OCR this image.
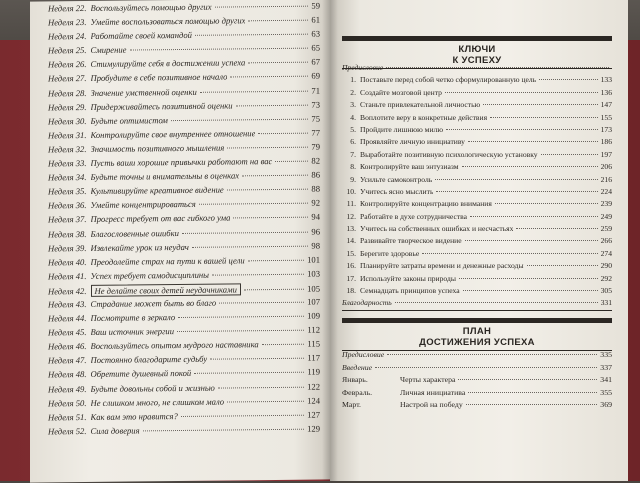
Неделя 22. Воспользуйтесь помощью других	59
Неделя 23. Умейте воспользоваться помощью других	61
Неделя 24. Работайте своей командой	63
Неделя 25. Смирение	65
Неделя 26. Стимулируйте себя в достижении успеха	67
Неделя 27. Пробудите в себе позитивное начало	69
Неделя 28. Значение умственной оценки	71
Неделя 29. Придерживайтесь позитивной оценки	73
Неделя 30. Будьте оптимистом	75
Неделя 31. Контролируйте свое внутреннее отношение	77
Неделя 32. Значимость позитивного мышления	79
Неделя 33. Пусть ваши хорошие привычки работают на вас	82
Неделя 34. Будьте точны и внимательны в оценках	86
Неделя 35. Культивируйте креативное видение	88
Неделя 36. Умейте концентрироваться	92
Неделя 37. Прогресс требует от вас гибкого ума	94
Неделя 38. Благословенные ошибки	96
Неделя 39. Извлекайте урок из неудач	98
Неделя 40. Преодолейте страх на пути к вашей цели	101
Неделя 41. Успех требует самодисциплины	103
Неделя 42. Не делайте своих детей неудачниками	105
Неделя 43. Страдание может быть во благо	107
Неделя 44. Посмотрите в зеркало	109
Неделя 45. Ваш источник энергии	112
Неделя 46. Воспользуйтесь опытом мудрого наставника	115
Неделя 47. Постоянно благодарите судьбу	117
Неделя 48. Обретите душевный покой	119
Неделя 49. Будьте довольны собой и жизнью	122
Неделя 50. Не слишком много, не слишком мало	124
Неделя 51. Как вам это нравится?	127
Неделя 52. Сила доверия	129
КЛЮЧИ
К УСПЕХУ
Предисловие
1. Поставьте перед собой четко сформулированную цель	133
2. Создайте мозговой центр	136
3. Станьте привлекательной личностью	147
4. Воплотите веру в конкретные действия	155
5. Пройдите лишнюю милю	173
6. Проявляйте личную инициативу	186
7. Выработайте позитивную психологическую установку	197
8. Контролируйте ваш энтузиазм	206
9. Усильте самоконтроль	216
10. Учитесь ясно мыслить	224
11. Контролируйте концентрацию внимания	239
12. Работайте в духе сотрудничества	249
13. Учитесь на собственных ошибках и несчастьях	259
14. Развивайте творческое видение	266
15. Берегите здоровье	274
16. Планируйте затраты времени и денежные расходы	290
17. Используйте законы природы	292
18. Семнадцать принципов успеха	305
Благодарность	331
ПЛАН
ДОСТИЖЕНИЯ УСПЕХА
Предисловие	335
Введение	337
Январь.	Черты характера	341
Февраль.	Личная инициатива	355
Март.	Настрой на победу	369
